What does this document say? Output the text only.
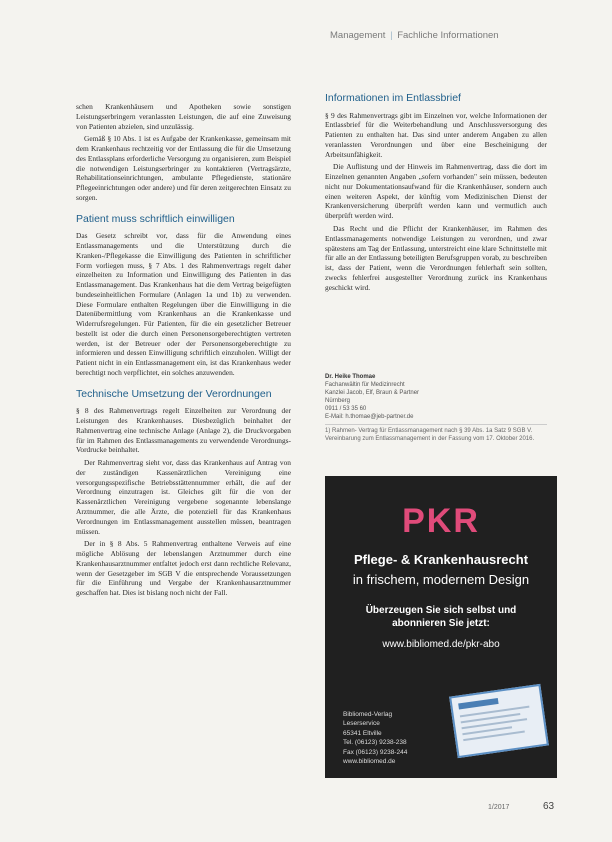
Management | Fachliche Informationen

schen Krankenhäusern und Apotheken sowie sonstigen Leistungserbringern veranlassten Leistungen, die auf eine Zuweisung von Patienten abzielen, sind unzulässig.

Gemäß § 10 Abs. 1 ist es Aufgabe der Krankenkasse, gemeinsam mit dem Krankenhaus rechtzeitig vor der Entlassung die für die Umsetzung des Entlassplans erforderliche Versorgung zu organisieren, zum Beispiel die notwendigen Leistungserbringer zu kontaktieren (Vertragsärzte, Rehabilitationseinrichtungen, ambulante Pflegedienste, stationäre Pflegeeinrichtungen oder andere) und für deren zeitgerechten Einsatz zu sorgen.

Patient muss schriftlich einwilligen

Das Gesetz schreibt vor, dass für die Anwendung eines Entlassmanagements und die Unterstützung durch die Kranken-/Pflegekasse die Einwilligung des Patienten in schriftlicher Form vorliegen muss, § 7 Abs. 1 des Rahmenvertrags regelt daher einzelheiten zu Information und Einwilligung des Patienten in das Entlassmanagement. Das Krankenhaus hat die dem Vertrag beigefügten bundeseinheitlichen Formulare (Anlagen 1a und 1b) zu verwenden. Diese Formulare enthalten Regelungen über die Einwilligung in die Datenübermittlung vom Krankenhaus an die Krankenkasse und Widerrufsregelungen. Für Patienten, für die ein gesetzlicher Betreuer bestellt ist oder die durch einen Personensorgeberechtigten vertreten werden, ist der Betreuer oder der Personensorgeberechtigte zu informieren und dessen Einwilligung schriftlich einzuholen. Willigt der Patient nicht in ein Entlassmanagement ein, ist das Krankenhaus weder berechtigt noch verpflichtet, ein solches anzuwenden.

Technische Umsetzung der Verordnungen

§ 8 des Rahmenvertrags regelt Einzelheiten zur Verordnung der Leistungen des Krankenhauses. Diesbezüglich beinhaltet der Rahmenvertrag eine technische Anlage (Anlage 2), die Druckvorgaben für im Rahmen des Entlassmanagements zu verwendende Verordnungs-Vordrucke beinhaltet.

Der Rahmenvertrag sieht vor, dass das Krankenhaus auf Antrag von der zuständigen Kassenärztlichen Vereinigung eine versorgungsspezifische Betriebsstättennummer erhält, die auf der Verordnung einzutragen ist. Gleiches gilt für die von der Kassenärztlichen Vereinigung vergebene sogenannte lebenslange Arztnummer, die alle Ärzte, die potenziell für das Krankenhaus Verordnungen im Entlassmanagement ausstellen müssen, beantragen müssen.

Der in § 8 Abs. 5 Rahmenvertrag enthaltene Verweis auf eine mögliche Ablösung der lebenslangen Arztnummer durch eine Krankenhausarztnummer entfaltet jedoch erst dann rechtliche Relevanz, wenn der Gesetzgeber im SGB V die entsprechende Voraussetzungen für die Einführung und Vergabe der Krankenhausarztnummer geschaffen hat. Dies ist bislang noch nicht der Fall.

Informationen im Entlassbrief

§ 9 des Rahmenvertrags gibt im Einzelnen vor, welche Informationen der Entlassbrief für die Weiterbehandlung und Anschlussversorgung des Patienten zu enthalten hat. Das sind unter anderem Angaben zu allen veranlassten Verordnungen und über eine Bescheinigung der Arbeitsunfähigkeit.

Die Auflistung und der Hinweis im Rahmenvertrag, dass die dort im Einzelnen genannten Angaben „sofern vorhanden" sein müssen, bedeuten nicht nur Dokumentationsaufwand für die Krankenhäuser, sondern auch einen weiteren Aspekt, der künftig vom Medizinischen Dienst der Krankenversicherung überprüft werden kann und vermutlich auch überprüft werden wird.

Das Recht und die Pflicht der Krankenhäuser, im Rahmen des Entlassmanagements notwendige Leistungen zu verordnen, und zwar spätestens am Tag der Entlassung, unterstreicht eine klare Schnittstelle mit für alle an der Entlassung beteiligten Berufsgruppen vorab, zu beschreiben ist, dass der Patient, wenn die Verordnungen fehlerhaft sein sollten, zwecks fehlerfrei ausgestellter Verordnung zurück ins Krankenhaus geschickt wird.

Dr. Heike Thomae
Fachanwältin für Medizinrecht
Kanzlei Jacob, Elf, Braun & Partner
Nürnberg
0911 / 53 35 60
E-Mail: h.thomae@jeb-partner.de
1) Rahmen- Vertrag für Entlassmanagement nach § 39 Abs. 1a Satz 9 SGB V. Vereinbarung zum Entlassmanagement in der Fassung vom 17. Oktober 2016.
PKR
Pflege- & Krankenhausrecht
in frischem, modernem Design
Überzeugen Sie sich selbst und
abonnieren Sie jetzt:
www.bibliomed.de/pkr-abo
Bibliomed-Verlag
Leserservice
65341 Eltville
Tel. (06123) 9238-238
Fax (06123) 9238-244
www.bibliomed.de
1/2017	63
